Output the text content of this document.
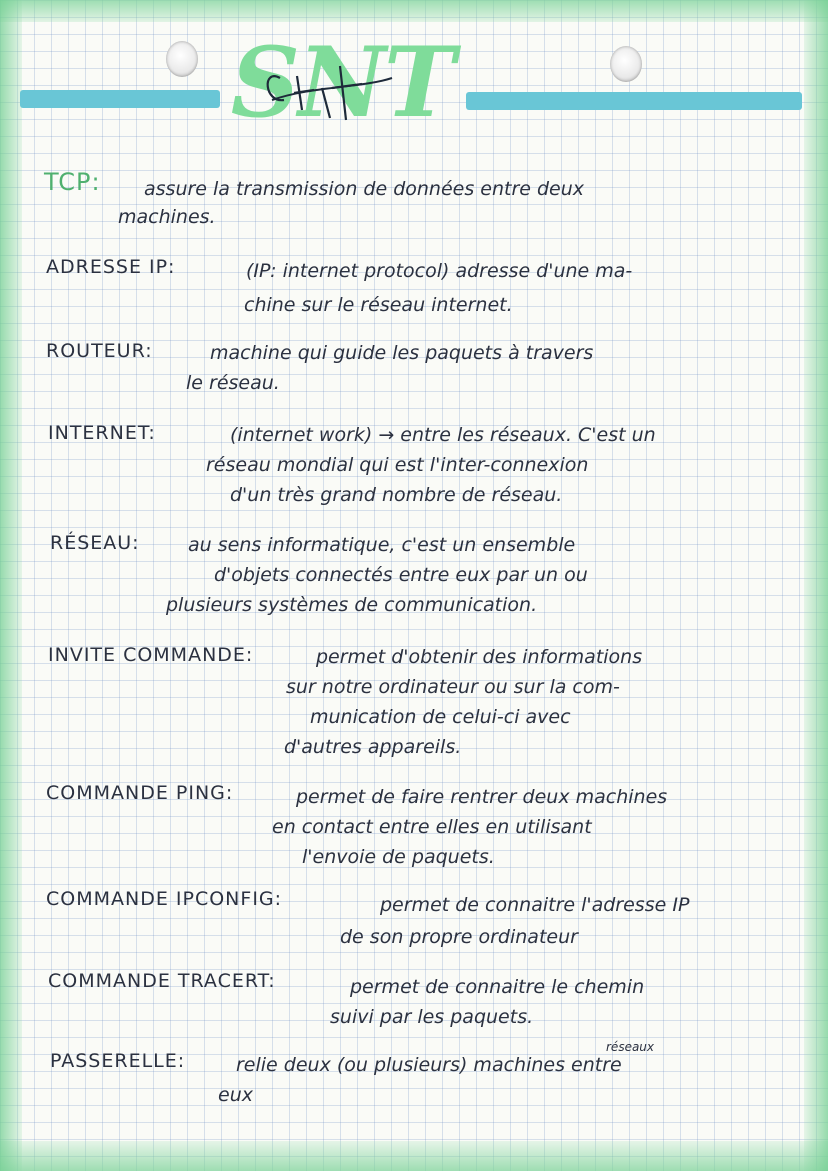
SNT
TCP: assure la transmission de données entre deux
machines.
ADRESSE IP:	(IP: internet protocol) adresse d'une ma-
chine sur le réseau internet.
ROUTEUR:	machine qui guide les paquets à travers
le réseau.
INTERNET:	(internet work) → entre les réseaux. C'est un
réseau mondial qui est l'inter-connexion
d'un très grand nombre de réseau.
RÉSEAU:	au sens informatique, c'est un ensemble
d'objets connectés entre eux par un ou
plusieurs systèmes de communication.
INVITE COMMANDE:	permet d'obtenir des informations
sur notre ordinateur ou sur la com-
munication de celui-ci avec
d'autres appareils.
COMMANDE PING:	permet de faire rentrer deux machines
en contact entre elles en utilisant
l'envoie de paquets.
COMMANDE IPCONFIG:	permet de connaitre l'adresse IP
de son propre ordinateur
COMMANDE TRACERT:	permet de connaitre le chemin
suivi par les paquets.
réseaux
PASSERELLE:	relie deux (ou plusieurs) machines entre
eux
